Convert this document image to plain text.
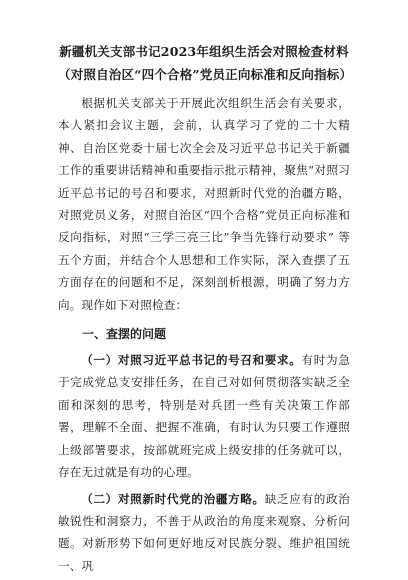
新疆机关支部书记2023年组织生活会对照检查材料（对照自治区“四个合格”党员正向标准和反向指标）

根据机关支部关于开展此次组织生活会有关要求，本人紧扣会议主题，会前，认真学习了党的二十大精神、自治区党委十届七次全会及习近平总书记关于新疆工作的重要讲话精神和重要指示批示精神，聚焦“对照习近平总书记的号召和要求，对照新时代党的治疆方略，对照党员义务，对照自治区“四个合格”党员正向标准和反向指标，对照“三学三亮三比”争当先锋行动要求” 等五个方面，并结合个人思想和工作实际，深入查摆了五方面存在的问题和不足，深刻剖析根源，明确了努力方向。现作如下对照检查：

一、查摆的问题

（一）对照习近平总书记的号召和要求。有时为急于完成党总支安排任务，在自己对如何贯彻落实缺乏全面和深刻的思考，特别是对兵团一些有关决策工作部署，理解不全面、把握不准确，有时认为只要工作遵照上级部署要求，按部就班完成上级安排的任务就可以，存在无过就是有功的心理。

（二）对照新时代党的治疆方略。缺乏应有的政治敏锐性和洞察力，不善于从政治的角度来观察、分析问题。对新形势下如何更好地反对民族分裂、维护祖国统一、巩
